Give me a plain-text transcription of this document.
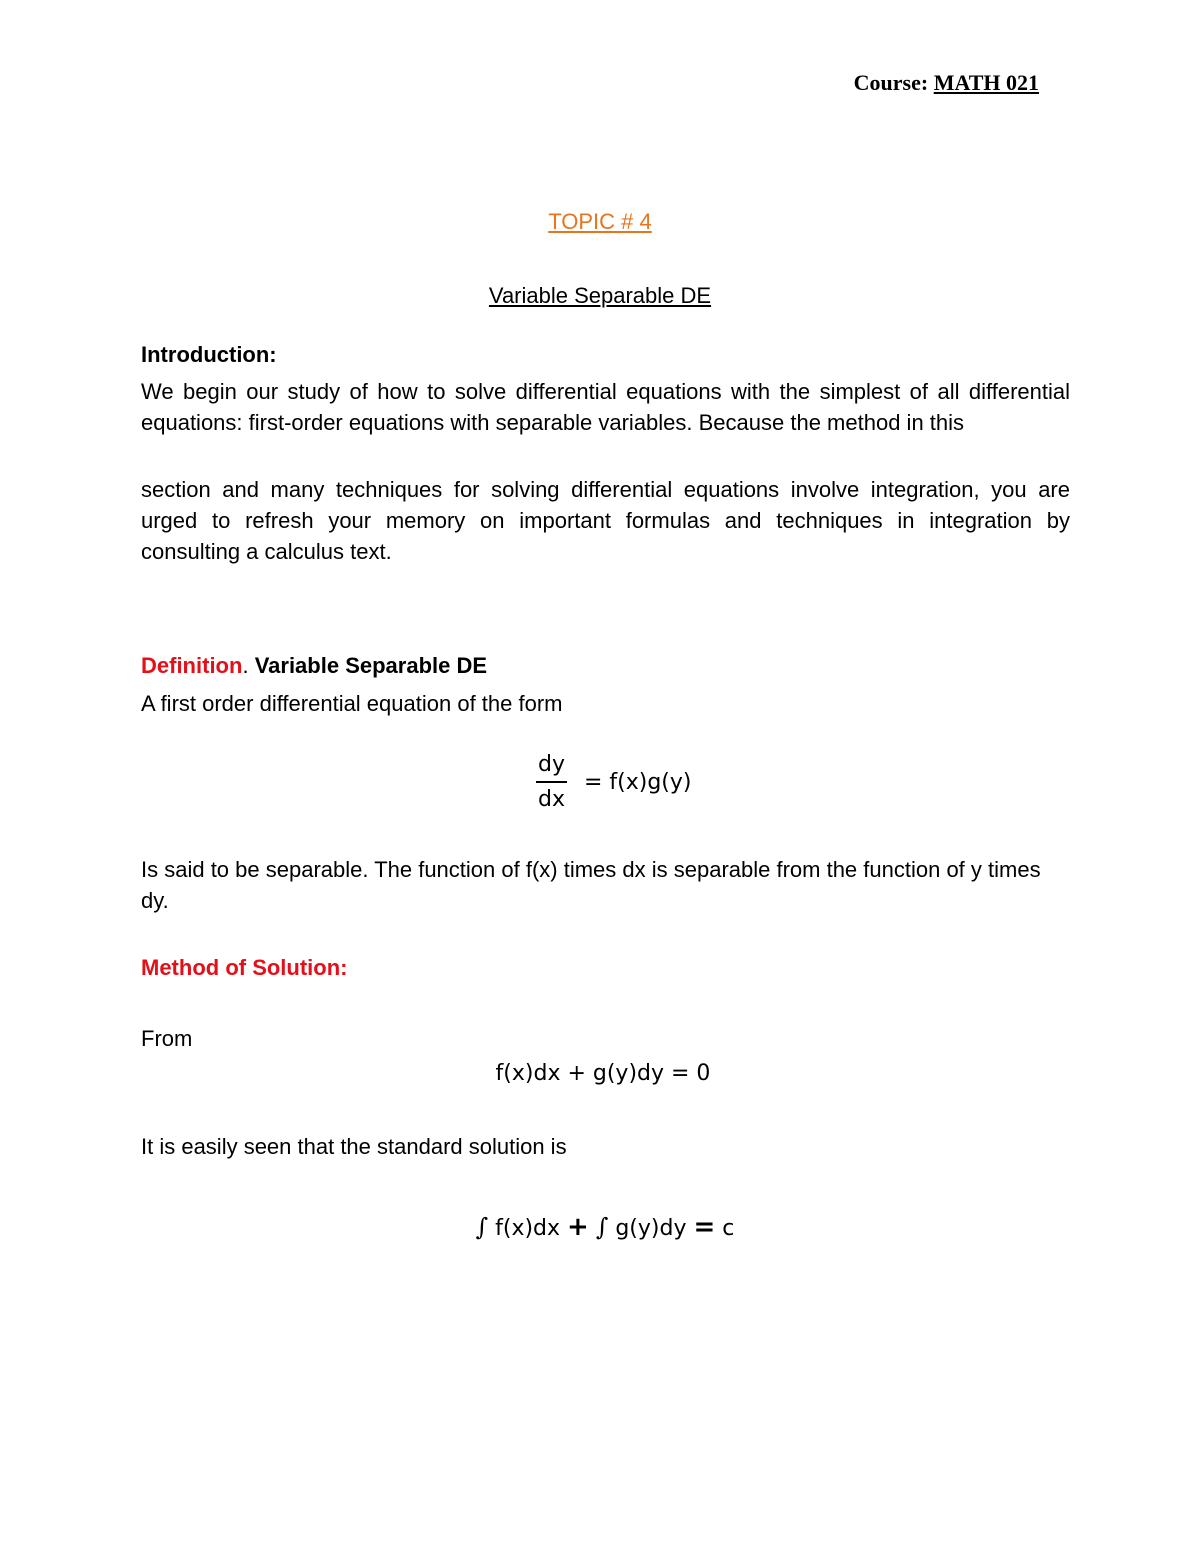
Course: MATH 021
TOPIC # 4
Variable Separable DE
Introduction:
We begin our study of how to solve differential equations with the simplest of all differential equations: first-order equations with separable variables. Because the method in this
section and many techniques for solving differential equations involve integration, you are urged to refresh your memory on important formulas and techniques in integration by consulting a calculus text.
Definition. Variable Separable DE
A first order differential equation of the form
$\frac{dy}{dx} = f(x)g(y)$
Is said to be separable. The function of f(x) times dx is separable from the function of y times dy.
Method of Solution:
From
f(x)dx + g(y)dy = 0
It is easily seen that the standard solution is
∫ f(x)dx + ∫ g(y)dy = c
